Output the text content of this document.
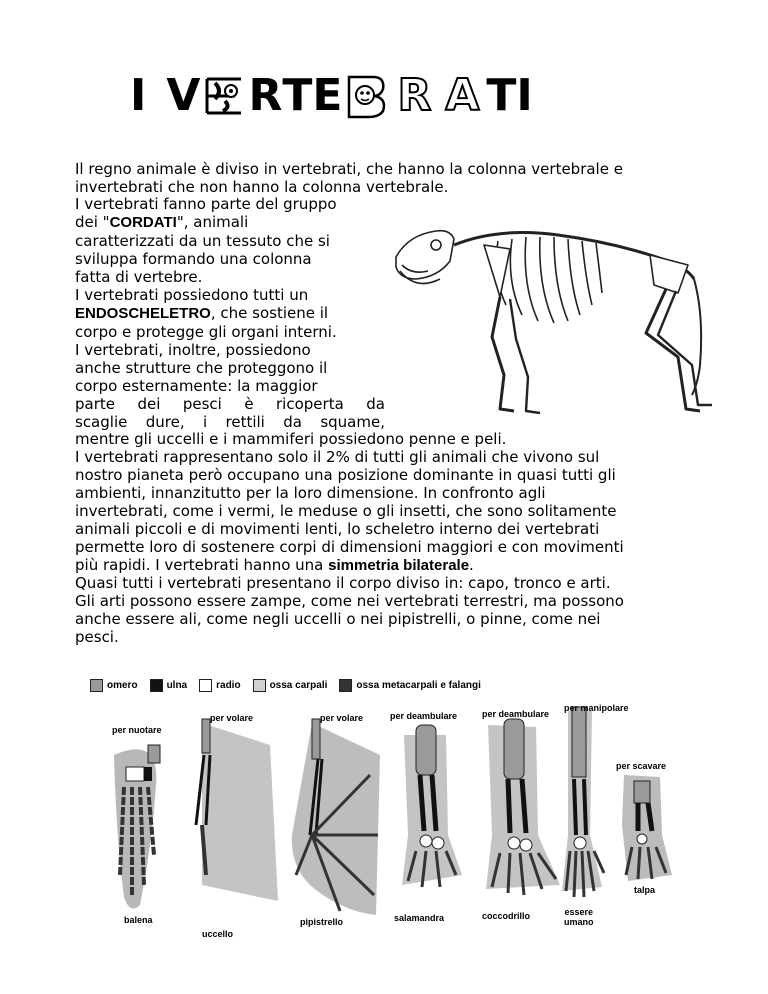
I V R T E R A T I

Il regno animale è diviso in vertebrati, che hanno la colonna vertebrale e

invertebrati che non hanno la colonna vertebrale.

I vertebrati fanno parte del gruppo
dei "CORDATI", animali
caratterizzati da un tessuto che si
sviluppa formando una colonna
fatta di vertebre.
I vertebrati possiedono tutti un
ENDOSCHELETRO, che sostiene il
corpo e protegge gli organi interni.
I vertebrati, inoltre, possiedono
anche strutture che proteggono il
corpo esternamente: la maggior
parte dei pesci è ricoperta da
scaglie dure, i rettili da squame,

mentre gli uccelli e i mammiferi possiedono penne e peli.

I vertebrati rappresentano solo il 2% di tutti gli animali che vivono sul

nostro pianeta però occupano una posizione dominante in quasi tutti gli

ambienti, innanzitutto per la loro dimensione. In confronto agli

invertebrati, come i vermi, le meduse o gli insetti, che sono solitamente

animali piccoli e di movimenti lenti, lo scheletro interno dei vertebrati

permette loro di sostenere corpi di dimensioni maggiori e con movimenti

più rapidi. I vertebrati hanno una simmetria bilaterale.

Quasi tutti i vertebrati presentano il corpo diviso in: capo, tronco e arti.

Gli arti possono essere zampe, come nei vertebrati terrestri, ma possono

anche essere ali, come negli uccelli o nei pipistrelli, o pinne, come nei

pesci.

omero	ulna	radio	ossa carpali	ossa metacarpali e falangi
per nuotare
per volare	per volare	per deambulare	per deambulare
per manipolare
per scavare
balena
uccello
pipistrello	salamandra	coccodrillo	essere
umano
talpa
